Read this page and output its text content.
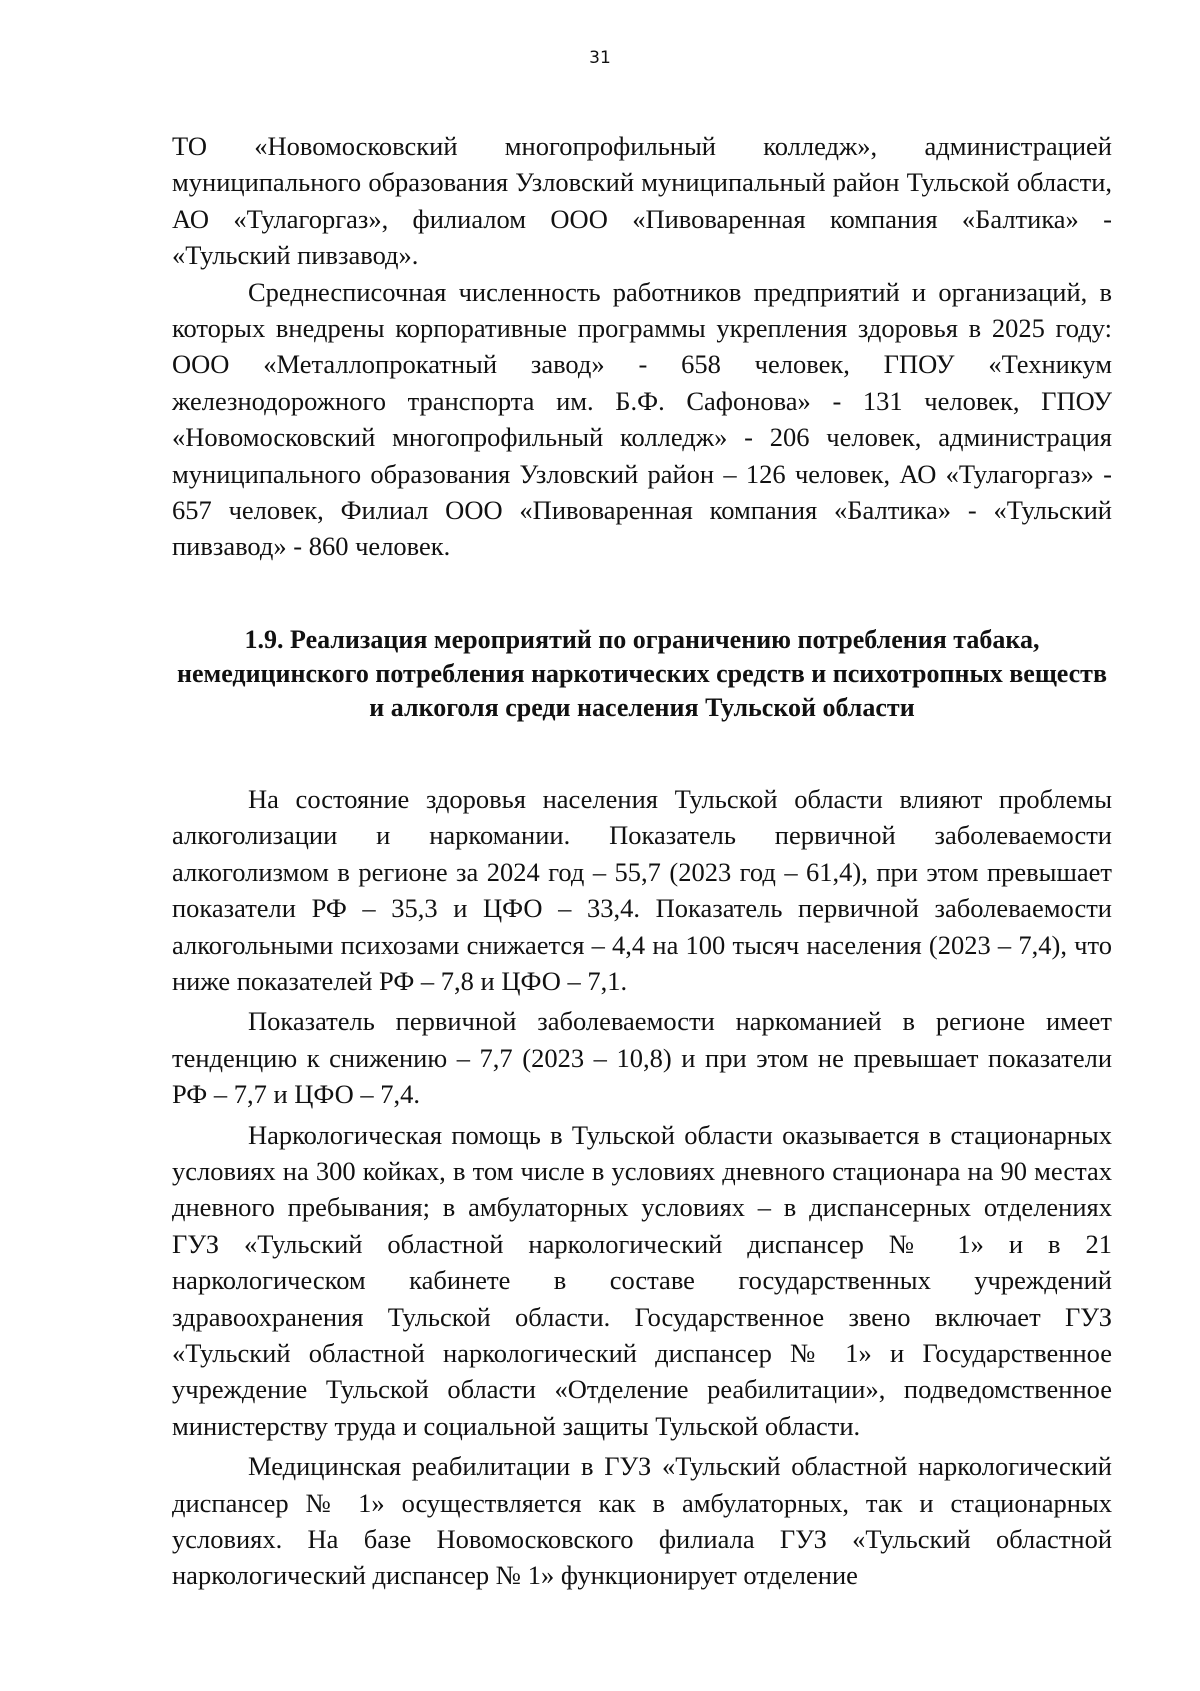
31

ТО «Новомосковский многопрофильный колледж», администрацией муниципального образования Узловский муниципальный район Тульской области, АО «Тулагоргаз», филиалом ООО «Пивоваренная компания «Балтика» - «Тульский пивзавод».

Среднесписочная численность работников предприятий и организаций, в которых внедрены корпоративные программы укрепления здоровья в 2025 году: ООО «Металлопрокатный завод» - 658 человек, ГПОУ «Техникум железнодорожного транспорта им. Б.Ф. Сафонова» - 131 человек, ГПОУ «Новомосковский многопрофильный колледж» - 206 человек, администрация муниципального образования Узловский район – 126 человек, АО «Тулагоргаз» - 657 человек, Филиал ООО «Пивоваренная компания «Балтика» - «Тульский пивзавод» - 860 человек.

1.9. Реализация мероприятий по ограничению потребления табака, немедицинского потребления наркотических средств и психотропных веществ и алкоголя среди населения Тульской области

На состояние здоровья населения Тульской области влияют проблемы алкоголизации и наркомании. Показатель первичной заболеваемости алкоголизмом в регионе за 2024 год – 55,7 (2023 год – 61,4), при этом превышает показатели РФ – 35,3 и ЦФО – 33,4. Показатель первичной заболеваемости алкогольными психозами снижается – 4,4 на 100 тысяч населения (2023 – 7,4), что ниже показателей РФ – 7,8 и ЦФО – 7,1.

Показатель первичной заболеваемости наркоманией в регионе имеет тенденцию к снижению – 7,7 (2023 – 10,8) и при этом не превышает показатели РФ – 7,7 и ЦФО – 7,4.

Наркологическая помощь в Тульской области оказывается в стационарных условиях на 300 койках, в том числе в условиях дневного стационара на 90 местах дневного пребывания; в амбулаторных условиях – в диспансерных отделениях ГУЗ «Тульский областной наркологический диспансер № 1» и в 21 наркологическом кабинете в составе государственных учреждений здравоохранения Тульской области. Государственное звено включает ГУЗ «Тульский областной наркологический диспансер № 1» и Государственное учреждение Тульской области «Отделение реабилитации», подведомственное министерству труда и социальной защиты Тульской области.

Медицинская реабилитации в ГУЗ «Тульский областной наркологический диспансер № 1» осуществляется как в амбулаторных, так и стационарных условиях. На базе Новомосковского филиала ГУЗ «Тульский областной наркологический диспансер № 1» функционирует отделение
